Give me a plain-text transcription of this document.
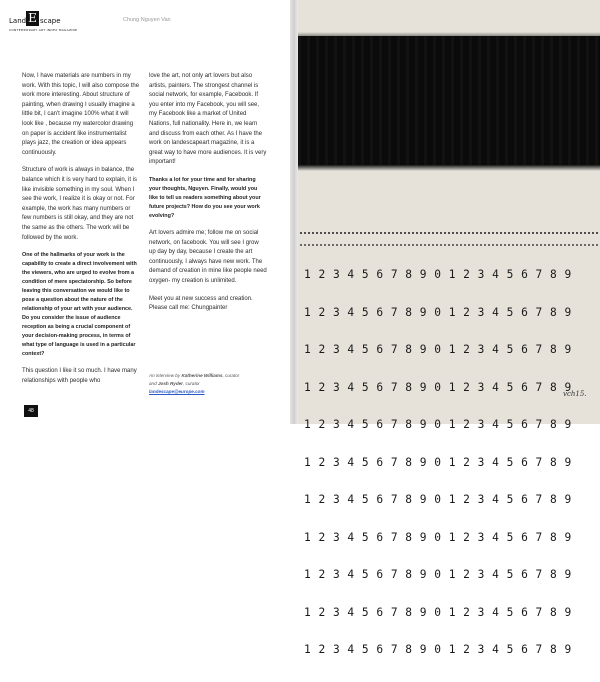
Land E scape
CONTEMPORARY ART INDEX MAGAZINE
Chung Nguyen Van

Now, I have materials are numbers in my work. With this topic, I will also compose the work more interesting. About structure of painting, when drawing I usually imagine a little bit, I can't imagine 100% what it will look like , because my watercolor drawing on paper is accident like instrumentalist plays jazz, the creation or idea appears continuously.

Structure of work is always in balance, the balance which it is very hard to explain, it is like invisible something in my soul. When I see the work, I realize it is okay or not. For example, the work has many numbers or few numbers is still okay, and they are not the same as the others. The work will be followed by the work.

One of the hallmarks of your work is the capability to create a direct involvement with the viewers, who are urged to evolve from a condition of mere spectatorship. So before leaving this conversation we would like to pose a question about the nature of the relationship of your art with your audience. Do you consider the issue of audience reception as being a crucial component of your decision-making process, in terms of what type of language is used in a particular context?

This question I like it so much. I have many relationships with people who

love the art, not only art lovers but also artists, painters. The strongest channel is social network, for example, Facebook. If you enter into my Facebook, you will see, my Facebook like a market of United Nations, full nationality. Here in, we learn and discuss from each other. As I have the work on landescapeart magazine, it is a great way to have more audiences. It is very important!

Thanks a lot for your time and for sharing your thoughts, Nguyen. Finally, would you like to tell us readers something about your future projects? How do you see your work evolving?

Art lovers admire me; follow me on social network, on facebook. You will see I grow up day by day, because I create the art continuously, I always have new work. The demand of creation in mine like people need oxygen- my creation is unlimited.

Meet you at new success and creation. Please call me: Chungpainter

An interview by Katherine Williams, curator
and Josh Ryder, curator
landescape@europe.com
48

1 2 3 4 5 6 7 8 9 0 1 2 3 4 5 6 7 8 9

1 2 3 4 5 6 7 8 9 0 1 2 3 4 5 6 7 8 9

1 2 3 4 5 6 7 8 9 0 1 2 3 4 5 6 7 8 9

1 2 3 4 5 6 7 8 9 0 1 2 3 4 5 6 7 8 9

1 2 3 4 5 6 7 8 9 0 1 2 3 4 5 6 7 8 9

1 2 3 4 5 6 7 8 9 0 1 2 3 4 5 6 7 8 9

1 2 3 4 5 6 7 8 9 0 1 2 3 4 5 6 7 8 9

1 2 3 4 5 6 7 8 9 0 1 2 3 4 5 6 7 8 9

1 2 3 4 5 6 7 8 9 0 1 2 3 4 5 6 7 8 9

1 2 3 4 5 6 7 8 9 0 1 2 3 4 5 6 7 8 9

1 2 3 4 5 6 7 8 9 0 1 2 3 4 5 6 7 8 9

vch15.
